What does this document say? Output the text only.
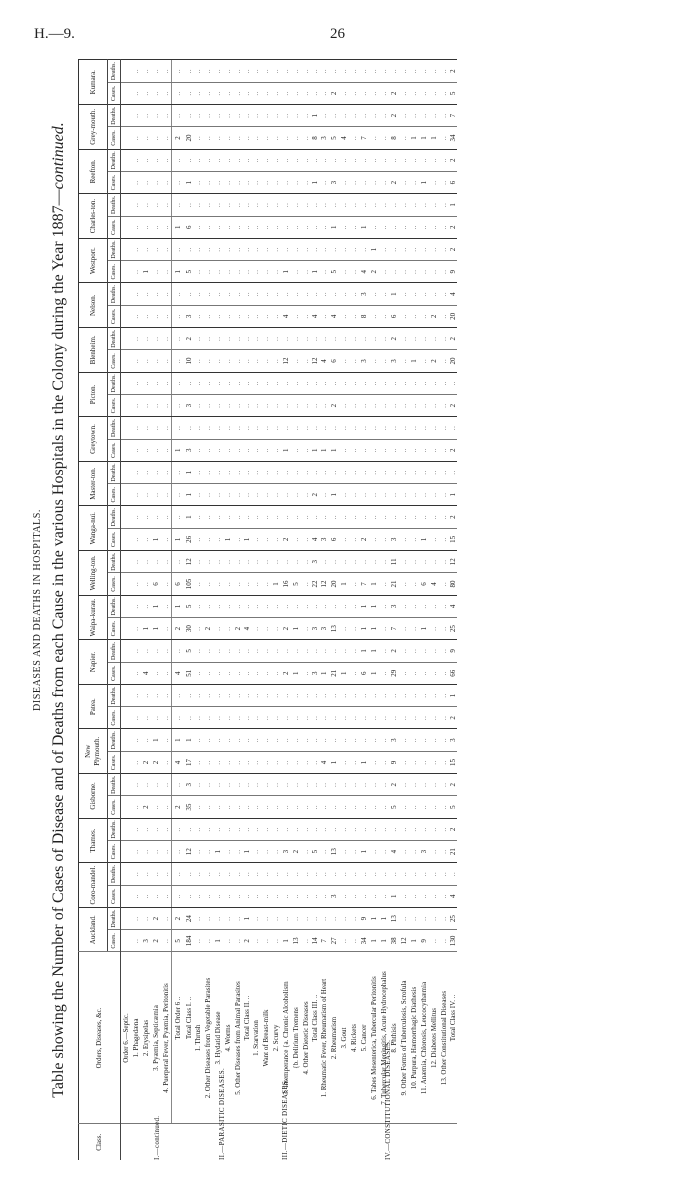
H.—9.	26
DISEASES AND DEATHS IN HOSPITALS. Table showing the Number of Cases of Disease and of Deaths from each Cause in the various Hospitals in the Colony during the Year 1887—continued.
Class.	Orders, Diseases, &c.	Auckland.		Coro-mandel.		Thames.		Gisborne.		New Plymouth.		Patea.		Napier.		Waipa-kurau.		Welling-ton.		Wanga-nui.		Master-ton.		Greytown.		Picton.		Blenheim.		Nelson.		Westport.		Charles-ton.		Reefton.		Grey-mouth.		Kumara.	
		Cases.	Deaths.	Cases.	Deaths.	Cases.	Deaths.	Cases.	Deaths.	Cases.	Deaths.	Cases.	Deaths.	Cases.	Deaths.	Cases.	Deaths.	Cases.	Deaths.	Cases.	Deaths.	Cases.	Deaths.	Cases.	Deaths.	Cases.	Deaths.	Cases.	Deaths.	Cases.	Deaths.	Cases.	Deaths.	Cases.	Deaths.	Cases.	Deaths.	Cases.	Deaths.	Cases.	Deaths.

I.—continued.	Order 6.—Septic.																																								
	1. Phagedæna	..	..	..	..	..	..	..	..	..	..	..	..	..	..	..	..	..	..	..	..	..	..	..	..	..	..	..	..	..	..	..	..	..	..	..	..	..	..	..	..
	2. Erysipelas	3	..	..	..	..	..	2	..	2	..	..	..	4	..	1	..	..	..	..	..	..	..	..	..	..	..	..	..	..	..	1	..	..	..	..	..	..	..	..	..
	3. Pyæmia, Septicæmia	2	2	..	..	..	..	..	..	2	1	..	..	..	..	1	1	6	..	1	..	..	..	..	..	..	..	..	..	..	..	..	..	..	..	..	..	..	..	..	..
	4. Puerperal Fever, Pyæmia, Peritonitis	..	..	..	..	..	..	..	..	..	..	..	..	..	..	..	..	..	..	..	..	..	..	..	..	..	..	..	..	..	..	..	..	..	..	..	..	..	..	..	..
	Total Order 6 ..	5	2	..	..	..	..	2	..	4	1	..	..	4	..	2	1	6	..	1	..	..	..	1	..	..	..	..	..	..	..	1	..	1	..	..	..	2	..	..	..
	Total Class I. ..	184	24	..	..	12	..	35	3	17	1	..	..	51	5	30	5	105	12	26	1	1	1	3	..	3	..	10	2	3	..	5	..	6	..	1	..	20	..	..	..

II.—PARASITIC DISEASES.	1. Thrush	..	..	..	..	..	..	..	..	..	..	..	..	..	..	..	..	..	..	..	..	..	..	..	..	..	..	..	..	..	..	..	..	..	..	..	..	..	..	..	..
	2. Other Diseases from Vegetable Parasites	..	..	..	..	..	..	..	..	..	..	..	..	..	..	2	..	..	..	..	..	..	..	..	..	..	..	..	..	..	..	..	..	..	..	..	..	..	..	..	..
	3. Hydatid Disease	1	..	..	..	1	..	..	..	..	..	..	..	..	..	..	..	..	..	..	..	..	..	..	..	..	..	..	..	..	..	..	..	..	..	..	..	..	..	..	..
	4. Worms	..	..	..	..	..	..	..	..	..	..	..	..	..	..	..	..	..	..	1	..	..	..	..	..	..	..	..	..	..	..	..	..	..	..	..	..	..	..	..	..
	5. Other Diseases from Animal Parasites	..	..	..	..	..	..	..	..	..	..	..	..	..	..	2	..	..	..	..	..	..	..	..	..	..	..	..	..	..	..	..	..	..	..	..	..	..	..	..	..
	Total Class II. ..	2	1	..	..	1	..	..	..	..	..	..	..	..	..	4	..	..	..	1	..	..	..	..	..	..	..	..	..	..	..	..	..	..	..	..	..	..	..	..	..

III.—DIETIC DISEASES.	1. Starvation	..	..	..	..	..	..	..	..	..	..	..	..	..	..	..	..	..	..	..	..	..	..	..	..	..	..	..	..	..	..	..	..	..	..	..	..	..	..	..	..
	Want of Breast-milk	..	..	..	..	..	..	..	..	..	..	..	..	..	..	..	..	..	..	..	..	..	..	..	..	..	..	..	..	..	..	..	..	..	..	..	..	..	..	..	..
	2. Scurvy	..	..	..	..	..	..	..	..	..	..	..	..	..	..	..	..	1	..	..	..	..	..	..	..	..	..	..	..	..	..	..	..	..	..	..	..	..	..	..	..
	3. Intemperance {a. Chronic Alcoholism	1	..	..	..	3	..	..	..	..	..	..	..	2	..	2	..	16	..	2	..	..	..	1	..	..	..	12	..	4	..	1	..	..	..	..	..	..	..	..	..
	{b. Delirium Tremens	13	..	..	..	2	..	..	..	..	..	..	..	1	..	1	..	5	..	..	..	..	..	..	..	..	..	..	..	..	..	..	..	..	..	..	..	..	..	..	..
	4. Other Dietetic Diseases	..	..	..	..	..	..	..	..	..	..	..	..	..	..	..	..	..	..	..	..	..	..	..	..	..	..	..	..	..	..	..	..	..	..	..	..	..	..	..	..
	Total Class III. ..	14	..	..	..	5	..	..	..	..	..	..	..	3	..	3	..	22	3	4	..	2	..	1	..	..	..	12	..	4	..	1	..	..	..	1	..	8	1	..	..

IV.—CONSTITUTIONAL DISEASES.	1. Rheumatic Fever, Rheumatism of Heart	7	..	..	..	..	..	..	..	4	..	..	..	1	..	3	..	12	..	3	..	..	..	1	..	..	..	4	..	..	..	..	..	..	..	..	..	3	..	..	..
	2. Rheumatism	27	..	3	..	13	..	..	..	1	..	..	..	21	..	13	..	20	..	6	..	1	..	1	..	2	..	6	..	4	..	5	..	1	..	3	..	5	..	2	..
	3. Gout	..	..	..	..	..	..	..	..	..	..	..	..	1	..	..	..	1	..	..	..	..	..	..	..	..	..	..	..	..	..	..	..	..	..	..	..	4	..	..	..
	4. Rickets	..	..	..	..	..	..	..	..	..	..	..	..	..	..	..	..	..	..	..	..	..	..	..	..	..	..	..	..	..	..	..	..	..	..	..	..	..	..	..	..
	5. Cancer	34	9	..	..	1	..	..	..	1	..	..	..	6	1	1	1	7	..	2	..	..	..	..	..	..	..	3	..	8	3	4	..	1	..	..	..	7	..	..	..
	6. Tabes Mesenterica, Tubercular Peritonitis	1	1	..	..	..	..	..	..	..	..	..	..	1	1	1	1	1	..	..	..	..	..	..	..	..	..	..	..	..	..	2	1	..	..	..	..	..	..	..	..
	7. Tubercular Meningitis, Acute Hydrocephalus	1	1	..	..	..	..	..	..	..	..	..	..	..	..	..	..	..	..	..	..	..	..	..	..	..	..	..	..	..	..	..	..	..	..	..	..	..	..	..	..
	8. Phthisis	38	13	1	..	4	..	5	2	9	3	..	..	29	2	7	3	21	11	3	..	..	..	..	..	..	..	3	2	6	1	..	..	..	..	2	..	8	2	2	..
	9. Other Forms of Tuberculosis, Scrofula	12	..	..	..	..	..	..	..	..	..	..	..	..	..	..	..	..	..	..	..	..	..	..	..	..	..	..	..	..	..	..	..	..	..	..	..	..	..	..	..
	10. Purpura, Hæmorrhagic Diathesis	1	..	..	..	..	..	..	..	..	..	..	..	..	..	..	..	..	..	..	..	..	..	..	..	..	..	1	..	..	..	..	..	..	..	..	..	1	..	..	..
	11. Anæmia, Chlorosis, Leucocythæmia	9	..	..	..	3	..	..	..	..	..	..	..	..	..	1	..	6	..	1	..	..	..	..	..	..	..	..	..	..	..	..	..	..	..	1	..	1	..	..	..
	12. Diabetes Mellitus	..	..	..	..	..	..	..	..	..	..	..	..	..	..	..	..	4	..	..	..	..	..	..	..	..	..	2	..	2	..	..	..	..	..	..	..	1	..	..	..
	13. Other Constitutional Diseases	..	..	..	..	..	..	..	..	..	..	..	..	..	..	..	..	..	..	..	..	..	..	..	..	..	..	..	..	..	..	..	..	..	..	..	..	..	..	..	..
	Total Class IV. ..	130	25	4	..	21	2	5	2	15	3	2	1	66	9	25	4	80	12	15	2	1	..	2	..	2	..	20	2	20	4	9	2	2	1	6	2	34	7	5	2
